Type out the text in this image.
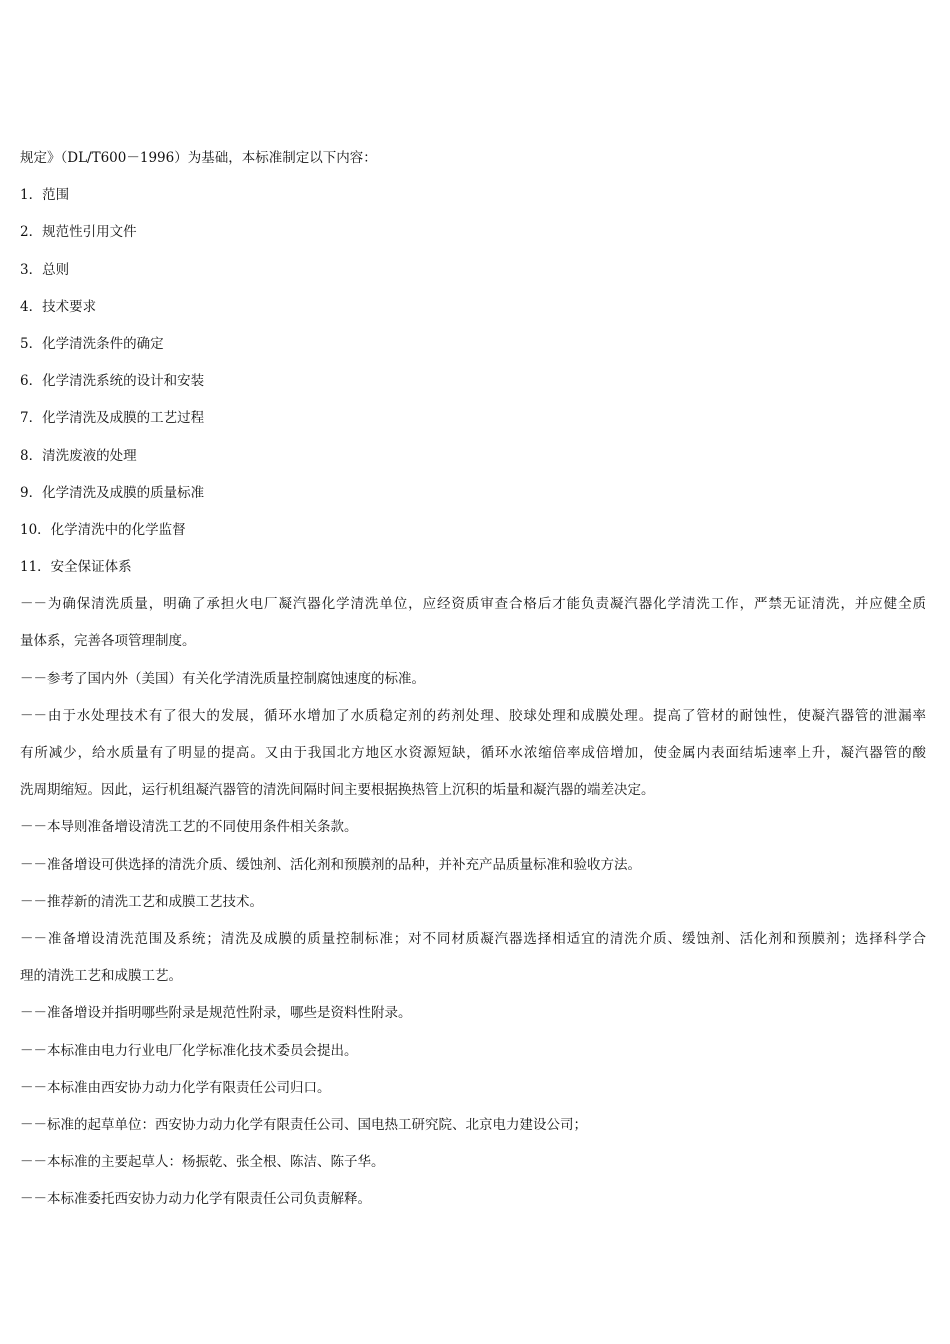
规定》（DL/T600－1996）为基础，本标准制定以下内容：
1．范围
2．规范性引用文件
3．总则
4．技术要求
5．化学清洗条件的确定
6．化学清洗系统的设计和安装
7．化学清洗及成膜的工艺过程
8．清洗废液的处理
9．化学清洗及成膜的质量标准
10．化学清洗中的化学监督
11．安全保证体系
－－为确保清洗质量，明确了承担火电厂凝汽器化学清洗单位，应经资质审查合格后才能负责凝汽器化学清洗工作，严禁无证清洗，并应健全质
量体系，完善各项管理制度。
－－参考了国内外（美国）有关化学清洗质量控制腐蚀速度的标准。
－－由于水处理技术有了很大的发展，循环水增加了水质稳定剂的药剂处理、胶球处理和成膜处理。提高了管材的耐蚀性，使凝汽器管的泄漏率
有所减少，给水质量有了明显的提高。又由于我国北方地区水资源短缺，循环水浓缩倍率成倍增加，使金属内表面结垢速率上升，凝汽器管的酸
洗周期缩短。因此，运行机组凝汽器管的清洗间隔时间主要根据换热管上沉积的垢量和凝汽器的端差决定。
－－本导则准备增设清洗工艺的不同使用条件相关条款。
－－准备增设可供选择的清洗介质、缓蚀剂、活化剂和预膜剂的品种，并补充产品质量标准和验收方法。
－－推荐新的清洗工艺和成膜工艺技术。
－－准备增设清洗范围及系统；清洗及成膜的质量控制标准；对不同材质凝汽器选择相适宜的清洗介质、缓蚀剂、活化剂和预膜剂；选择科学合
理的清洗工艺和成膜工艺。
－－准备增设并指明哪些附录是规范性附录，哪些是资料性附录。
－－本标准由电力行业电厂化学标准化技术委员会提出。
－－本标准由西安协力动力化学有限责任公司归口。
－－标准的起草单位：西安协力动力化学有限责任公司、国电热工研究院、北京电力建设公司；
－－本标准的主要起草人：杨振乾、张全根、陈洁、陈子华。
－－本标准委托西安协力动力化学有限责任公司负责解释。
